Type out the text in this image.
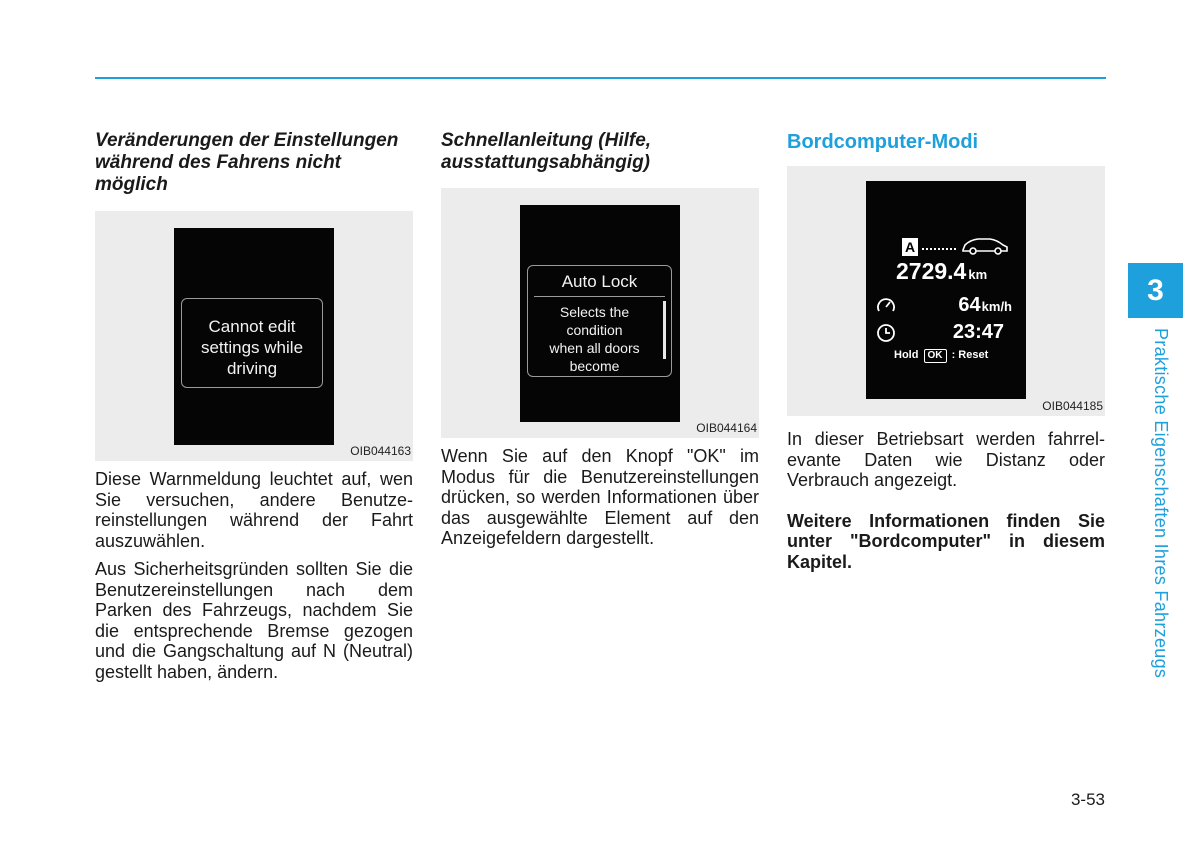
Veränderungen der Einstellungen während des Fahrens nicht möglich
Cannot edit
settings while
driving
OIB044163

Diese Warnmeldung leuchtet auf, wen Sie versuchen, andere Benutze-reinstellungen während der Fahrt auszuwählen.

Aus Sicherheitsgründen sollten Sie die Benutzereinstellungen nach dem Parken des Fahrzeugs, nachdem Sie die entsprechende Bremse gezogen und die Gangschaltung auf N (Neutral) gestellt haben, ändern.

Schnellanleitung (Hilfe, ausstattungsabhängig)
Auto Lock
Selects the
condition
when all doors
become
OIB044164

Wenn Sie auf den Knopf "OK" im Modus für die Benutzereinstellungen drücken, so werden Informationen über das ausgewählte Element auf den Anzeigefeldern dargestellt.

Bordcomputer-Modi
A
2729.4 km
64km/h
23:47
Hold OK : Reset
OIB044185

In dieser Betriebsart werden fahrrel-evante Daten wie Distanz oder Verbrauch angezeigt.

Weitere Informationen finden Sie unter "Bordcomputer" in diesem Kapitel.

3
Praktische Eigenschaften Ihres Fahrzeugs
3-53
